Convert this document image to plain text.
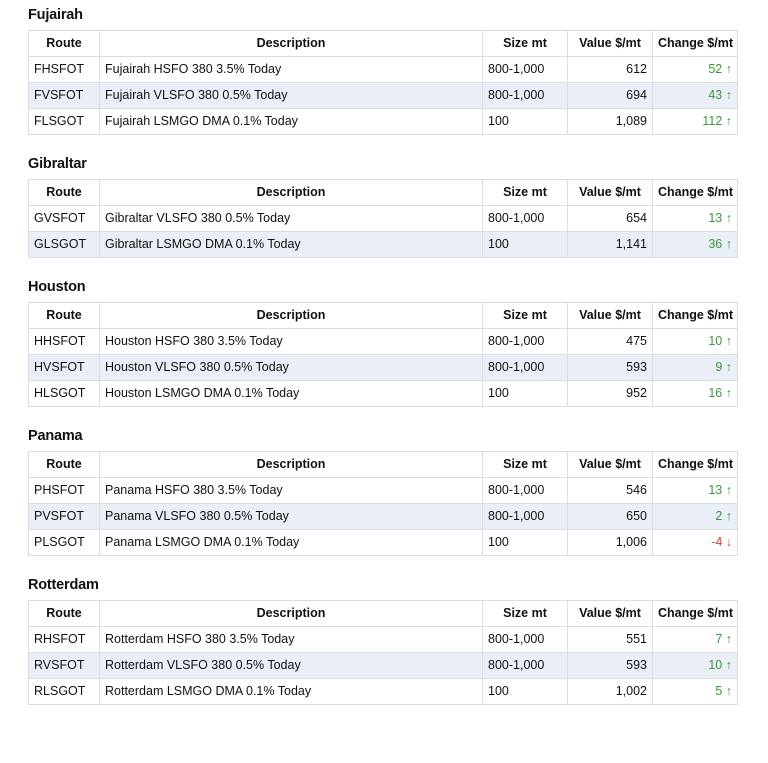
Fujairah
Route	Description	Size mt	Value $/mt	Change $/mt
FHSFOT	Fujairah HSFO 380 3.5% Today	800-1,000	612	52 ↑
FVSFOT	Fujairah VLSFO 380 0.5% Today	800-1,000	694	43 ↑
FLSGOT	Fujairah LSMGO DMA 0.1% Today	100	1,089	112 ↑
Gibraltar
Route	Description	Size mt	Value $/mt	Change $/mt
GVSFOT	Gibraltar VLSFO 380 0.5% Today	800-1,000	654	13 ↑
GLSGOT	Gibraltar LSMGO DMA 0.1% Today	100	1,141	36 ↑
Houston
Route	Description	Size mt	Value $/mt	Change $/mt
HHSFOT	Houston HSFO 380 3.5% Today	800-1,000	475	10 ↑
HVSFOT	Houston VLSFO 380 0.5% Today	800-1,000	593	9 ↑
HLSGOT	Houston LSMGO DMA 0.1% Today	100	952	16 ↑
Panama
Route	Description	Size mt	Value $/mt	Change $/mt
PHSFOT	Panama HSFO 380 3.5% Today	800-1,000	546	13 ↑
PVSFOT	Panama VLSFO 380 0.5% Today	800-1,000	650	2 ↑
PLSGOT	Panama LSMGO DMA 0.1% Today	100	1,006	-4 ↓
Rotterdam
Route	Description	Size mt	Value $/mt	Change $/mt
RHSFOT	Rotterdam HSFO 380 3.5% Today	800-1,000	551	7 ↑
RVSFOT	Rotterdam VLSFO 380 0.5% Today	800-1,000	593	10 ↑
RLSGOT	Rotterdam LSMGO DMA 0.1% Today	100	1,002	5 ↑
